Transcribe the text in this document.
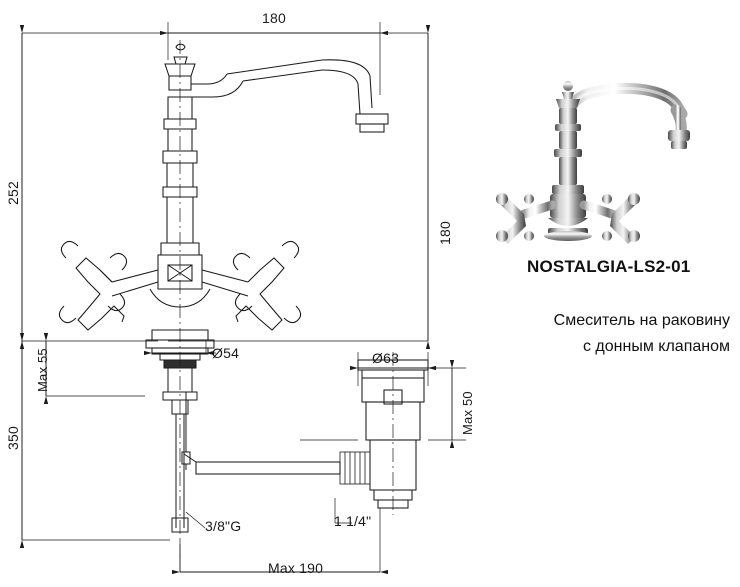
180
252
350
Max 55
180
Ø54	Ø63
Max 50
3/8"G	1 1/4"
Max 190
NOSTALGIA-LS2-01
Смеситель на раковину
с донным клапаном
